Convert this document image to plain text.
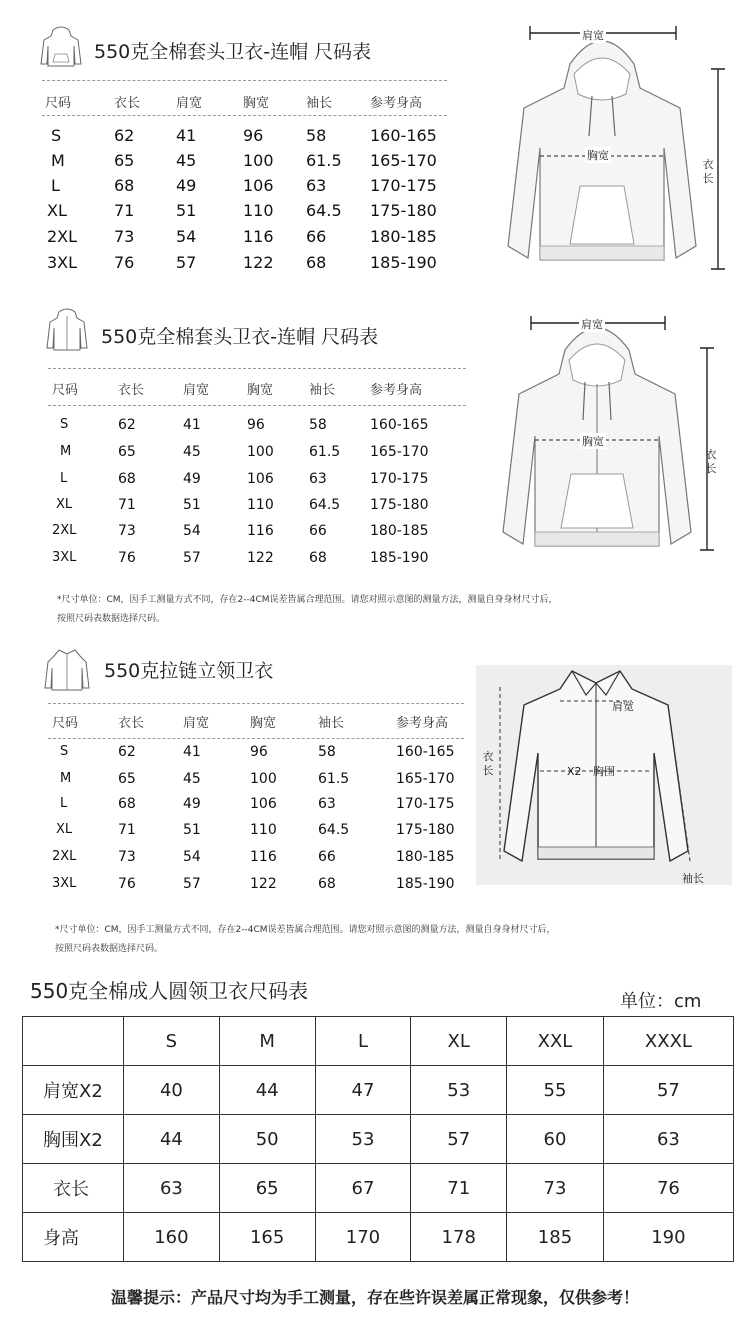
550克全棉套头卫衣-连帽 尺码表
尺码	衣长	肩宽	胸宽	袖长	参考身高
S	62	41	96	58	160-165
M	65	45	100 61.5 165-170
L	68	49	106 63	170-175
XL	71	51	110 64.5 175-180
2XL 73	54	116 66	180-185
3XL 76	57	122 68	185-190
肩宽
胸宽
衣长
550克全棉套头卫衣-连帽 尺码表
尺码	衣长	肩宽	胸宽	袖长	参考身高
S	62	41	96	58	160-165
M	65	45	100	61.5 165-170
L	68	49	106	63	170-175
XL	71	51	110	64.5 175-180
2XL	73	54	116	66	180-185
3XL	76	57	122	68	185-190
*尺寸单位：CM，因手工测量方式不同，存在2--4CM误差皆属合理范围。请您对照示意图的测量方法，测量自身身材尺寸后，
按照尺码表数据选择尺码。
肩宽
胸宽
衣长
550克拉链立领卫衣
尺码	衣长	肩宽	胸宽	袖长	参考身高
S	62	41	96	58	160-165
M	65	45	100	61.5	165-170
L	68	49	106	63	170-175
XL	71	51	110	64.5	175-180
2XL	73	54	116	66	180-185
3XL	76	57	122	68	185-190
*尺寸单位：CM，因手工测量方式不同，存在2--4CM误差皆属合理范围。请您对照示意图的测量方法，测量自身身材尺寸后，
按照尺码表数据选择尺码。
肩宽
衣长	X2 胸围
袖长
550克全棉成人圆领卫衣尺码表	单位：cm
	S	M	L	XL	XXL	XXXL
肩宽X2	40	44	47	53	55	57
胸围X2	44	50	53	57	60	63
衣长	63	65	67	71	73	76
身高	160	165	170	178	185	190
温馨提示：产品尺寸均为手工测量，存在些许误差属正常现象，仅供参考！
